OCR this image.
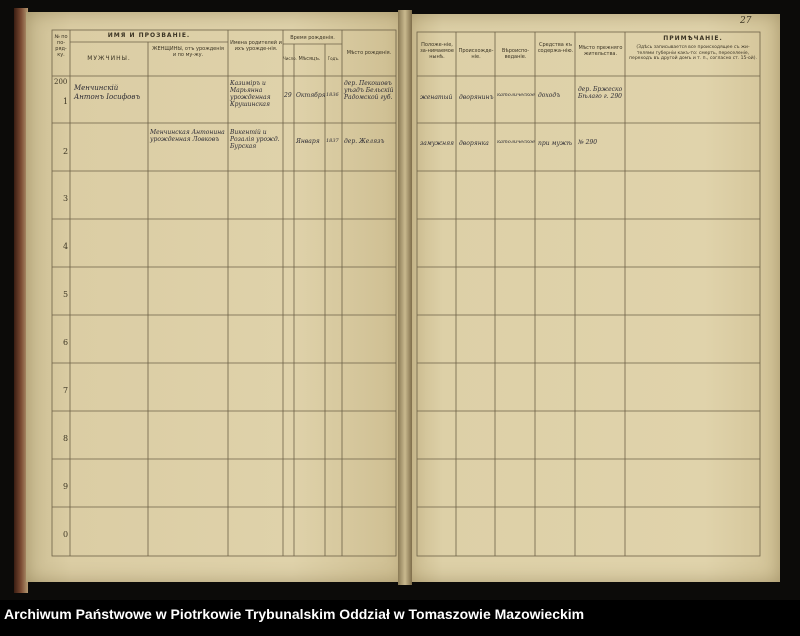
№ по по-ряд-ку.
ИМЯ И ПРОЗВАНІЕ.
МУЖЧИНЫ.
ЖЕНЩИНЫ, отъ урожденія и по му-жу.
Имена родителей и ихъ урожде-нія.
Время рожденія.
Число. Мѣсяцъ.	Годъ.
Мѣсто рожденія.
200
1
2
3
4
5
6
7
8
9
0
Менчинскій Антонъ Іосифовъ
Казиміръ и Марьянна урожденная Крушинская
29 Октября 1836
дер. Пекошовъ уѣздъ Бельскій Радомской губ.
Менчинская Антонина урожденная Ловковъ
Викентій и Розалія урожд. Бурская
Января 1837 дер. Желязъ
27
Положе-ніе, за-нимаемое нынѣ.
Происхожде-ніе.
Вѣроиспо-веданіе.
Средства къ содержа-нію.	Мѣсто прежняго жительства.
ПРИМѢЧАНІЕ.
(Здѣсь записывается все происходящее съ жи-телями губерніи какъ-то: смерть, переселеніе, переходъ въ другой домъ и т. п., согласно ст. 15-ой).
женатый дворянинъ католическое доходъ
дер. Бржеско Бѣлаго г. 290
замужняя дворянка католическое при мужѣ № 290
Archiwum Państwowe w Piotrkowie Trybunalskim Oddział w Tomaszowie Mazowieckim
